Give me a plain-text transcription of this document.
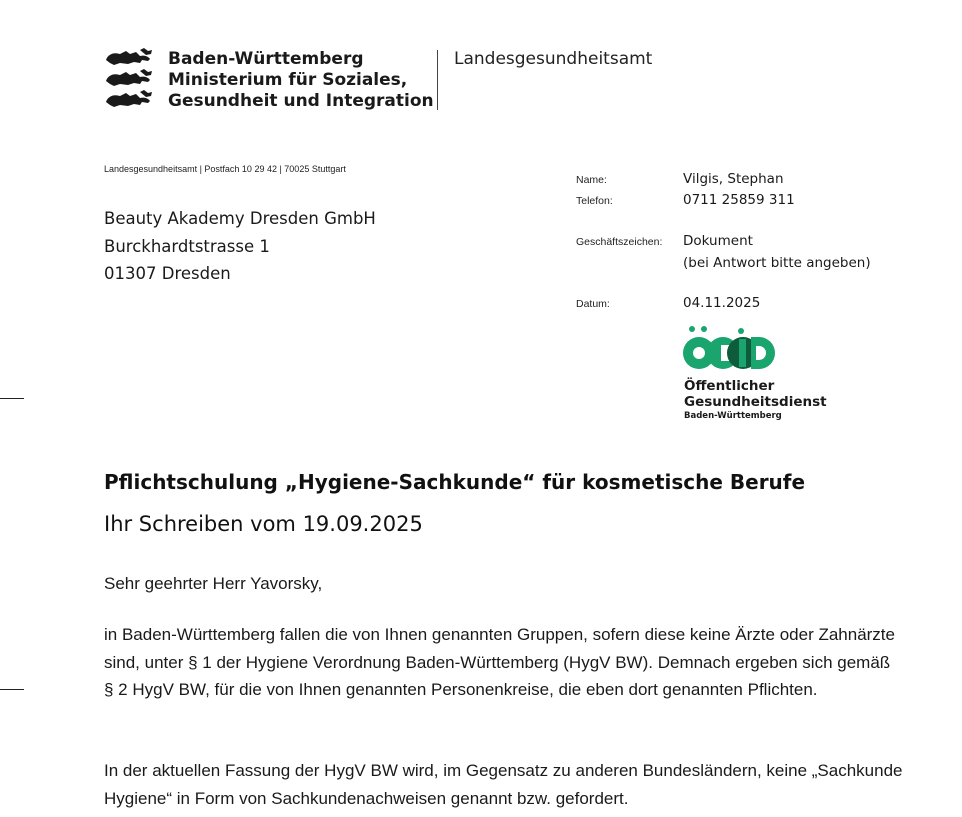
Baden-Württemberg
Ministerium für Soziales,
Gesundheit und Integration
Landesgesundheitsamt
Landesgesundheitsamt | Postfach 10 29 42 | 70025 Stuttgart
Beauty Akademy Dresden GmbH
Burckhardtstrasse 1
01307 Dresden
Name:	Vilgis, Stephan
Telefon:	0711 25859 311
Geschäftszeichen: Dokument
(bei Antwort bitte angeben)
Datum:	04.11.2025
Öffentlicher
Gesundheitsdienst
Baden-Württemberg
Pflichtschulung „Hygiene-Sachkunde“ für kosmetische Berufe
Ihr Schreiben vom 19.09.2025
Sehr geehrter Herr Yavorsky,
in Baden-Württemberg fallen die von Ihnen genannten Gruppen, sofern diese keine Ärzte oder Zahnärzte sind, unter § 1 der Hygiene Verordnung Baden-Württemberg (HygV BW). Demnach ergeben sich gemäß § 2 HygV BW, für die von Ihnen genannten Personenkreise, die eben dort genannten Pflichten.
In der aktuellen Fassung der HygV BW wird, im Gegensatz zu anderen Bundesländern, keine „Sachkunde Hygiene“ in Form von Sachkundenachweisen genannt bzw. gefordert.
